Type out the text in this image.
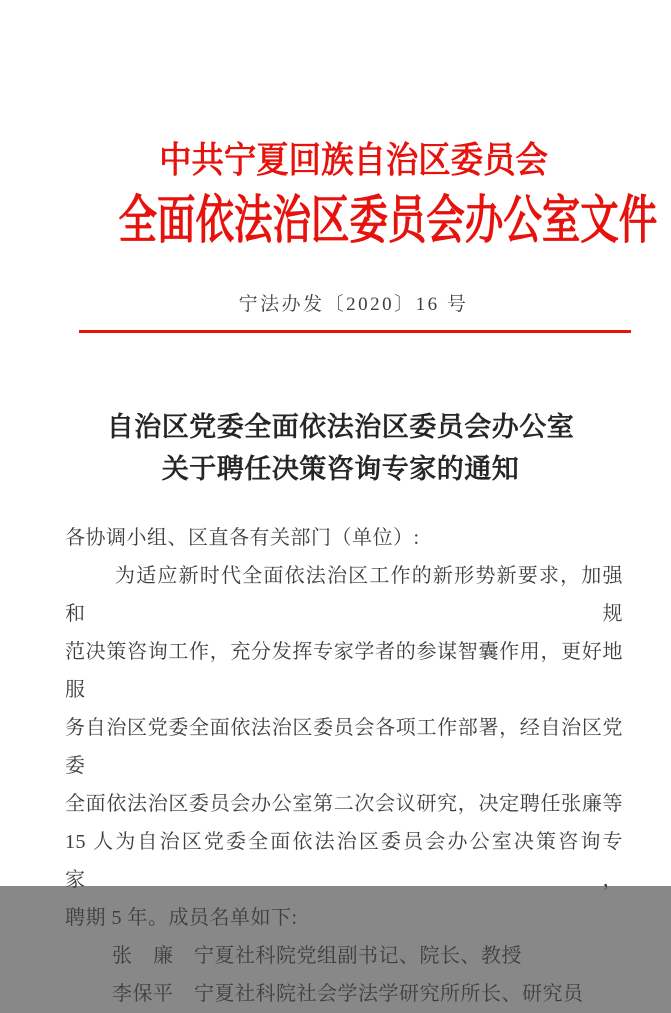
中共宁夏回族自治区委员会
全面依法治区委员会办公室文件
宁法办发〔2020〕16 号
自治区党委全面依法治区委员会办公室
关于聘任决策咨询专家的通知
各协调小组、区直各有关部门（单位）:
为适应新时代全面依法治区工作的新形势新要求，加强和规
范决策咨询工作，充分发挥专家学者的参谋智囊作用，更好地服
务自治区党委全面依法治区委员会各项工作部署，经自治区党委
全面依法治区委员会办公室第二次会议研究，决定聘任张廉等
15 人为自治区党委全面依法治区委员会办公室决策咨询专家，
聘期 5 年。成员名单如下:
张　廉　宁夏社科院党组副书记、院长、教授
李保平　宁夏社科院社会学法学研究所所长、研究员
